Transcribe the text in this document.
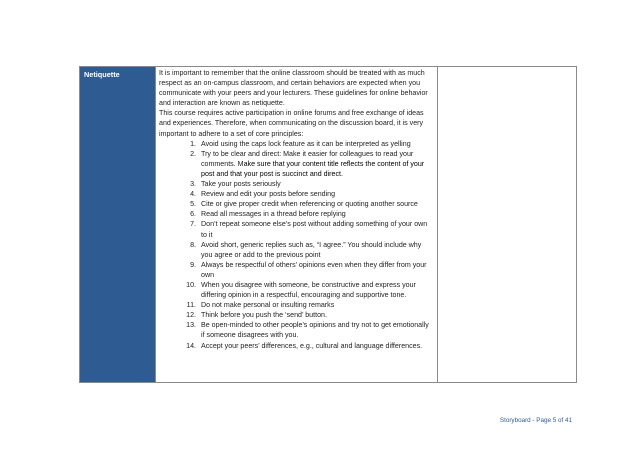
Netiquette	It is important to remember that the online classroom should be treated with as much respect as an on-campus classroom, and certain behaviors are expected when you communicate with your peers and your lecturers. These guidelines for online behavior and interaction are known as netiquette.
This course requires active participation in online forums and free exchange of ideas and experiences. Therefore, when communicating on the discussion board, it is very important to adhere to a set of core principles:
1. Avoid using the caps lock feature as it can be interpreted as yelling
2. Try to be clear and direct: Make it easier for colleagues to read your comments. Make sure that your content title reflects the content of your post and that your post is succinct and direct.
3. Take your posts seriously
4. Review and edit your posts before sending
5. Cite or give proper credit when referencing or quoting another source
6. Read all messages in a thread before replying
7. Don’t repeat someone else’s post without adding something of your own to it
8. Avoid short, generic replies such as, “I agree.” You should include why you agree or add to the previous point
9. Always be respectful of others’ opinions even when they differ from your own
10. When you disagree with someone, be constructive and express your differing opinion in a respectful, encouraging and supportive tone.
11. Do not make personal or insulting remarks
12. Think before you push the ‘send’ button.
13. Be open-minded to other people’s opinions and try not to get emotionally if someone disagrees with you.
14. Accept your peers’ differences, e.g., cultural and language differences.

Storyboard - Page 5 of 41
